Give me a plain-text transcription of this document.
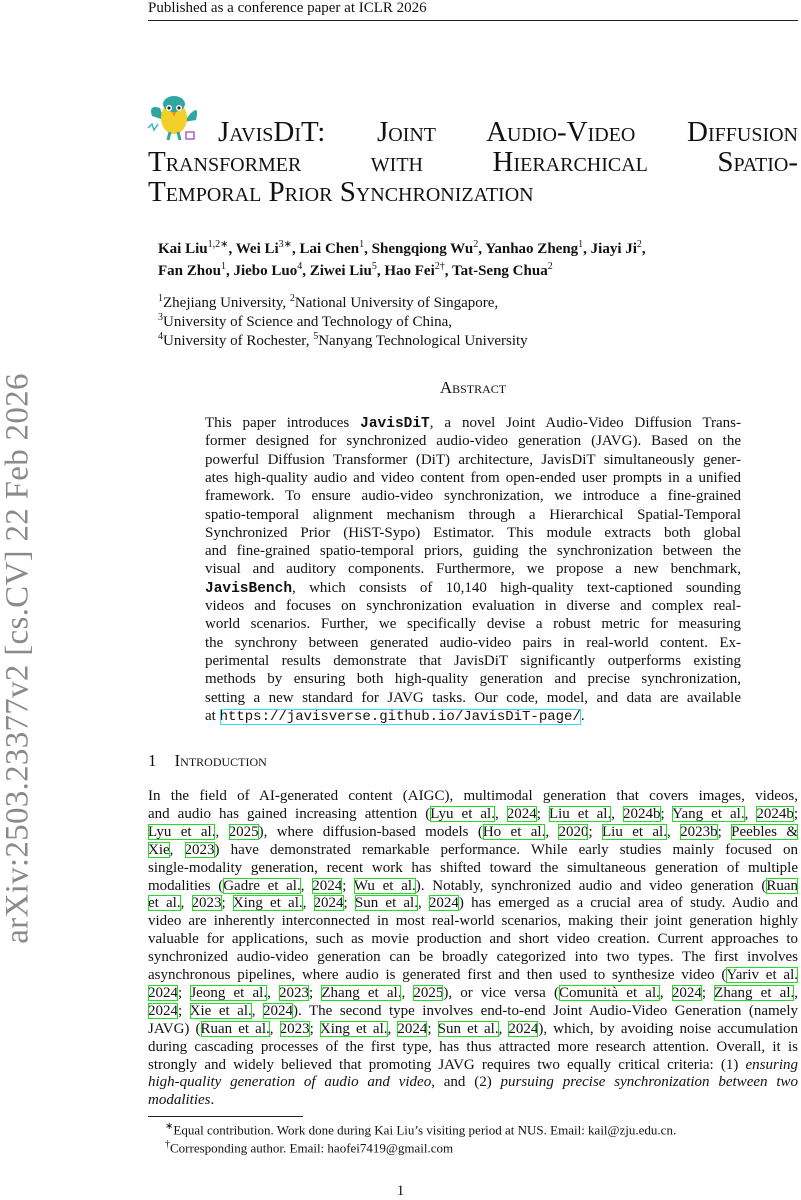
Published as a conference paper at ICLR 2026
arXiv:2503.23377v2 [cs.CV] 22 Feb 2026
JavisDiT: Joint Audio-Video Diffusion
Transformer with Hierarchical Spatio-
Temporal Prior Synchronization
Kai Liu$^{1,2∗}$, Wei $Li^{3∗}$, Lai Chen$^1$, Shengqiong Wu$^2$, Yanhao Zheng$^1$, Jiayi Ji$^2$,
Fan Zhou$^1$, Jiebo Luo$^4$, Ziwei Liu$^5$, Hao Fei$^{2\dagger}$, Tat-Seng Chua$^2$
$^1$Zhejiang University, $^2$National University of Singapore,
$^3$University of Science and Technology of China,
$^4$University of Rochester, $^5$Nanyang Technological University
Abstract
This paper introduces JavisDiT, a novel Joint Audio-Video Diffusion Trans-
former designed for synchronized audio-video generation (JAVG). Based on the
powerful Diffusion Transformer (DiT) architecture, JavisDiT simultaneously gener-
ates high-quality audio and video content from open-ended user prompts in a unified
framework. To ensure audio-video synchronization, we introduce a fine-grained
spatio-temporal alignment mechanism through a Hierarchical Spatial-Temporal
Synchronized Prior (HiST-Sypo) Estimator. This module extracts both global
and fine-grained spatio-temporal priors, guiding the synchronization between the
visual and auditory components. Furthermore, we propose a new benchmark,
JavisBench, which consists of 10,140 high-quality text-captioned sounding
videos and focuses on synchronization evaluation in diverse and complex real-
world scenarios. Further, we specifically devise a robust metric for measuring
the synchrony between generated audio-video pairs in real-world content. Ex-
perimental results demonstrate that JavisDiT significantly outperforms existing
methods by ensuring both high-quality generation and precise synchronization,
setting a new standard for JAVG tasks. Our code, model, and data are available
at https://javisverse.github.io/JavisDiT-page/.
1 Introduction
In the field of AI-generated content (AIGC), multimodal generation that covers images, videos,
and audio has gained increasing attention (Lyu et al., 2024; Liu et al., 2024b; Yang et al., 2024b;
Lyu et al., 2025), where diffusion-based models (Ho et al., 2020; Liu et al., 2023b; Peebles &
Xie, 2023) have demonstrated remarkable performance. While early studies mainly focused on
single-modality generation, recent work has shifted toward the simultaneous generation of multiple
modalities (Gadre et al., 2024; Wu et al.). Notably, synchronized audio and video generation (Ruan
et al., 2023; Xing et al., 2024; Sun et al., 2024) has emerged as a crucial area of study. Audio and
video are inherently interconnected in most real-world scenarios, making their joint generation highly
valuable for applications, such as movie production and short video creation. Current approaches to
synchronized audio-video generation can be broadly categorized into two types. The first involves
asynchronous pipelines, where audio is generated first and then used to synthesize video (Yariv et al.
2024; Jeong et al., 2023; Zhang et al., 2025), or vice versa (Comunità et al., 2024; Zhang et al.,
2024; Xie et al., 2024). The second type involves end-to-end Joint Audio-Video Generation (namely
JAVG) (Ruan et al., 2023; Xing et al., 2024; Sun et al., 2024), which, by avoiding noise accumulation
during cascading processes of the first type, has thus attracted more research attention. Overall, it is
strongly and widely believed that promoting JAVG requires two equally critical criteria: (1) ensuring
high-quality generation of audio and video, and (2) pursuing precise synchronization between two
modalities.
∗Equal contribution. Work done during Kai Liu’s visiting period at NUS. Email: kail@zju.edu.cn.
†Corresponding author. Email: haofei7419@gmail.com
1
